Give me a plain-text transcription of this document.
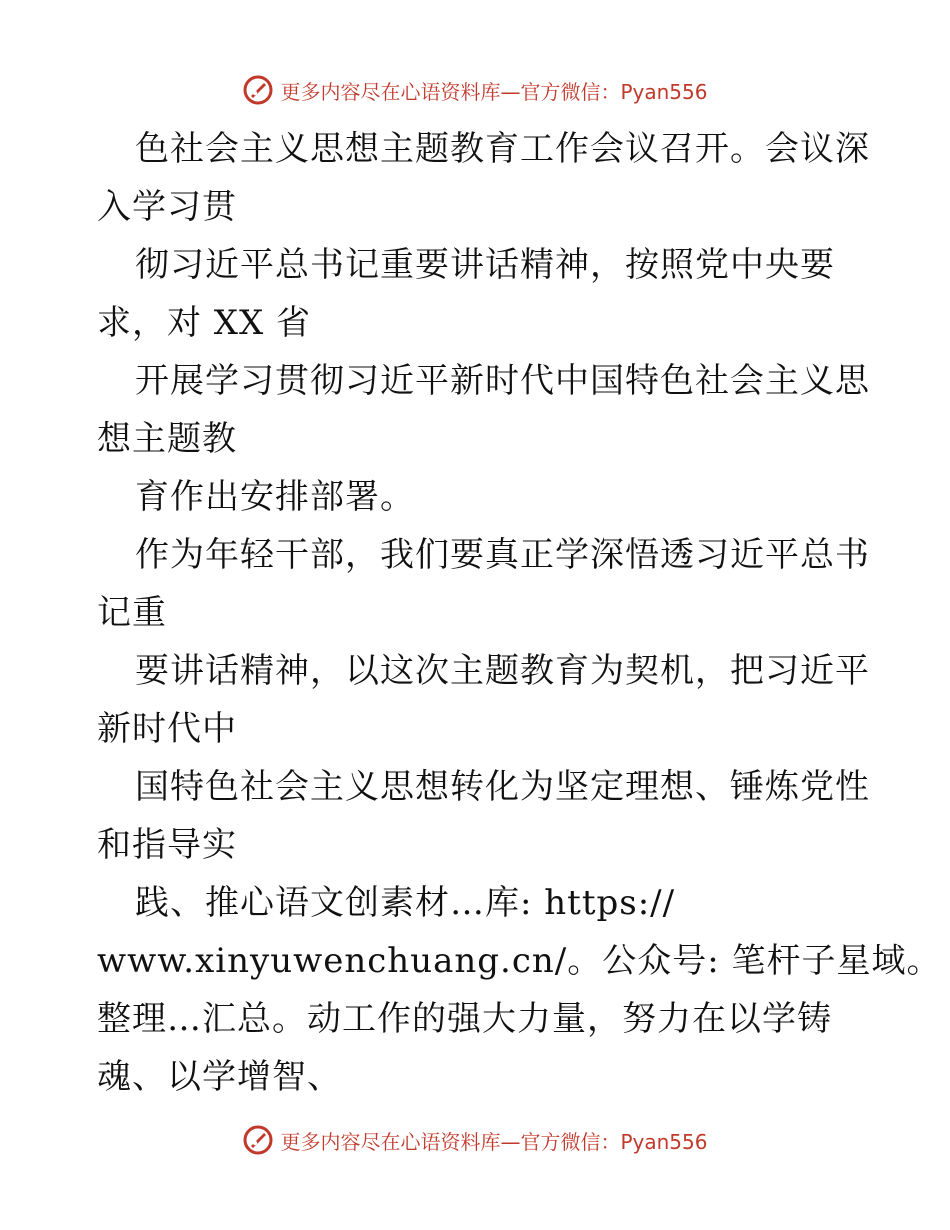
更多内容尽在心语资料库—官方微信：Pyan556
色社会主义思想主题教育工作会议召开。会议深
入学习贯
彻习近平总书记重要讲话精神，按照党中央要
求，对 XX 省
开展学习贯彻习近平新时代中国特色社会主义思
想主题教
育作出安排部署。
作为年轻干部，我们要真正学深悟透习近平总书
记重
要讲话精神，以这次主题教育为契机，把习近平
新时代中
国特色社会主义思想转化为坚定理想、锤炼党性
和指导实
践、推心语文创素材…库: https://
www.xinyuwenchuang.cn/。公众号: 笔杆子星域。
整理…汇总。动工作的强大力量，努力在以学铸
魂、以学增智、
更多内容尽在心语资料库—官方微信：Pyan556
